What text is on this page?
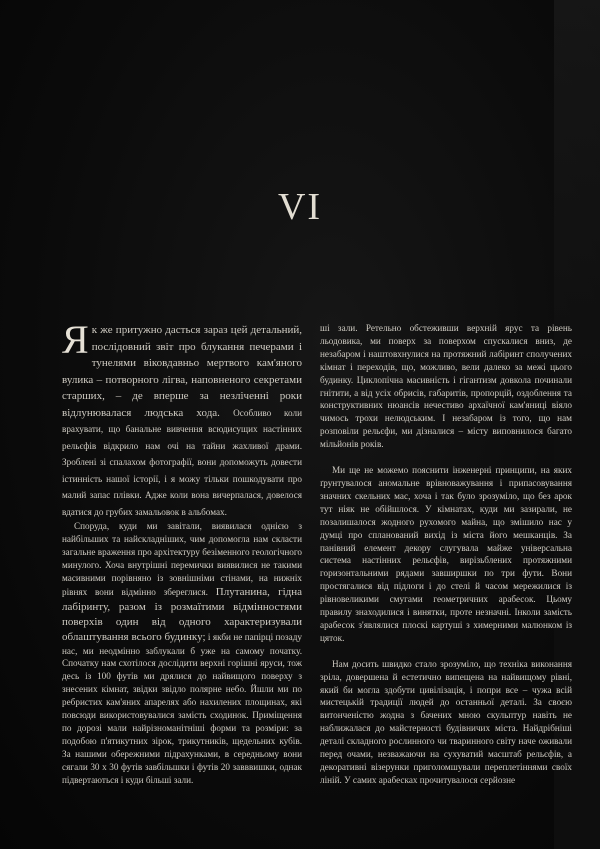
VI

Як же притужно дасться зараз цей детальний, послідовний звіт про блукання печерами і тунелями віковдавньо мертвого кам'яного вулика – потворного лігва, наповненого секретами старших, – де вперше за незліченні роки відлунювалася людська хода. Особливо коли врахувати, що банальне вивчення всюдисущих настінних рельєфів відкрило нам очі на тайни жахливої драми. Зроблені зі спалахом фотографії, вони допоможуть довести істинність нашої історії, і я можу тільки пошкодувати про малий запас плівки. Адже коли вона вичерпалася, довелося вдатися до грубих замальовок в альбомах.

Споруда, куди ми завітали, виявилася однією з найбільших та найскладніших, чим допомогла нам скласти загальне враження про архітектуру безіменного геологічного минулого. Хоча внутрішні перемички виявилися не такими масивними порівняно із зовнішніми стінами, на нижніх рівнях вони відмінно збереглися. Плутанина, гідна лабіринту, разом із розмаїтими відмінностями поверхів один від одного характеризували облаштування всього будинку; і якби не папірці позаду нас, ми неодмінно заблукали б уже на самому початку. Спочатку нам схотілося дослідити верхні горішні яруси, тож десь із 100 футів ми дрялися до найвищого поверху з знесених кімнат, звідки звідло полярне небо. Йшли ми по ребристих кам'яних апарелях або нахилених площинах, які повсюди використовувалися замість сходинок. Приміщення по дорозі мали найрізноманітніші форми та розміри: за подобою п'ятикутних зірок, трикутників, щедельних кубів. За нашими обережними підрахунками, в середньому вони сягали 30 х 30 футів завбільшки і футів 20 завввишки, однак підвертаються і куди більші зали.

ші зали. Ретельно обстеживши верхній ярус та рівень льодовика, ми поверх за поверхом спускалися вниз, де незабаром і наштовхнулися на протяжний лабіринт сполучених кімнат і переходів, що, можливо, вели далеко за межі цього будинку. Циклопічна масивність і гігантизм довкола починали гнітити, а від усіх обрисів, габаритів, пропорцій, оздоблення та конструктивних нюансів нечестиво архаїчної кам'яниці віяло чимось трохи нелюдським. І незабаром із того, що нам розповіли рельєфи, ми дізналися – місту виповнилося багато мільйонів років.

Ми ще не можемо пояснити інженерні принципи, на яких ґрунтувалося аномальне врівноважування і припасовування значних скельних мас, хоча і так було зрозуміло, що без арок тут ніяк не обійшлося. У кімнатах, куди ми зазирали, не позалишалося жодного рухомого майна, що змішило нас у думці про спланований вихід із міста його мешканців. За панівний елемент декору слугувала майже універсальна система настінних рельєфів, вирізьблених протяжними горизонтальними рядами завширшки по три фути. Вони простягалися від підлоги і до стелі й часом мережилися із рівновеликими смугами геометричних арабесок. Цьому правилу знаходилися і винятки, проте незначні. Інколи замість арабесок з'являлися плоскі картуші з химерними малюнком із цяток.

Нам досить швидко стало зрозуміло, що техніка виконання зрілa, довершена й естетично випещена на найвищому рівні, який би могла здобути цивілізація, і попри все – чужа всій мистецькій традиції людей до останньої деталі. За своєю витонченістю жодна з бачених мною скульптур навіть не наближалася до майстерності будівничих міста. Найдрібніші деталі складного рослинного чи тваринного світу наче оживали перед очами, незважаючи на сухуватий масштаб рельєфів, а декоративні візерунки приголомшували переплетіннями своїх ліній. У самих арабесках прочитувалося серйозне
